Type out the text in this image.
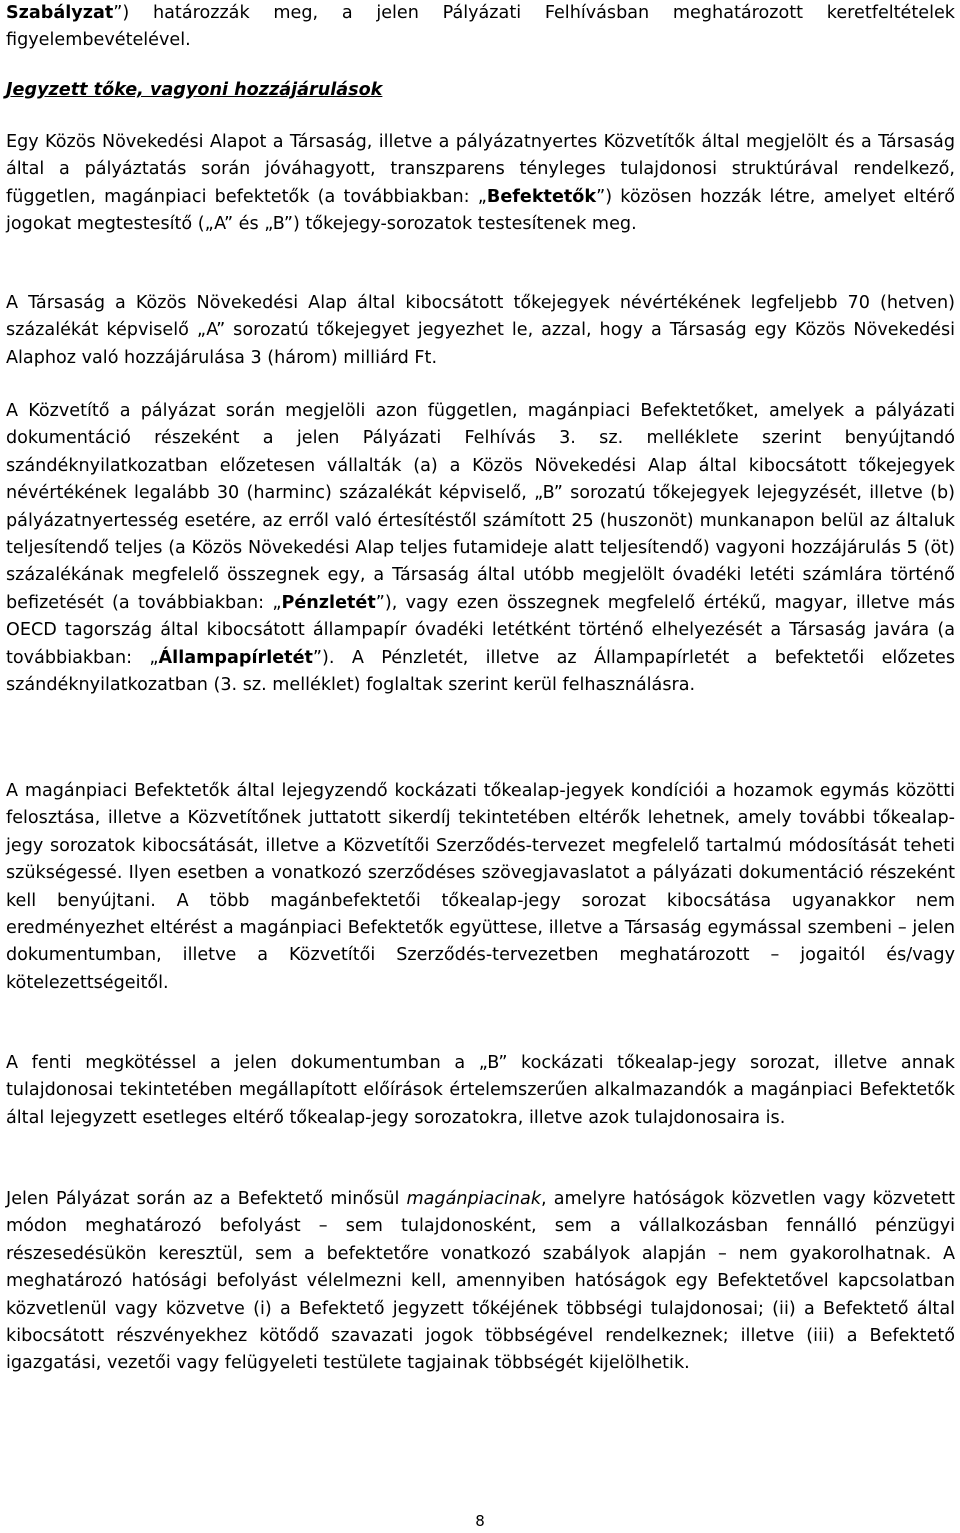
Szabályzat”) határozzák meg, a jelen Pályázati Felhívásban meghatározott keretfeltételek figyelembevételével.

Jegyzett tőke, vagyoni hozzájárulások

Egy Közös Növekedési Alapot a Társaság, illetve a pályázatnyertes Közvetítők által megjelölt és a Társaság által a pályáztatás során jóváhagyott, transzparens tényleges tulajdonosi struktúrával rendelkező, független, magánpiaci befektetők (a továbbiakban: „Befektetők”) közösen hozzák létre, amelyet eltérő jogokat megtestesítő („A” és „B”) tőkejegy-sorozatok testesítenek meg.

A Társaság a Közös Növekedési Alap által kibocsátott tőkejegyek névértékének legfeljebb 70 (hetven) százalékát képviselő „A” sorozatú tőkejegyet jegyezhet le, azzal, hogy a Társaság egy Közös Növekedési Alaphoz való hozzájárulása 3 (három) milliárd Ft.

A Közvetítő a pályázat során megjelöli azon független, magánpiaci Befektetőket, amelyek a pályázati dokumentáció részeként a jelen Pályázati Felhívás 3. sz. melléklete szerint benyújtandó szándéknyilatkozatban előzetesen vállalták (a) a Közös Növekedési Alap által kibocsátott tőkejegyek névértékének legalább 30 (harminc) százalékát képviselő, „B” sorozatú tőkejegyek lejegyzését, illetve (b) pályázatnyertesség esetére, az erről való értesítéstől számított 25 (huszonöt) munkanapon belül az általuk teljesítendő teljes (a Közös Növekedési Alap teljes futamideje alatt teljesítendő) vagyoni hozzájárulás 5 (öt) százalékának megfelelő összegnek egy, a Társaság által utóbb megjelölt óvadéki letéti számlára történő befizetését (a továbbiakban: „Pénzletét”), vagy ezen összegnek megfelelő értékű, magyar, illetve más OECD tagország által kibocsátott állampapír óvadéki letétként történő elhelyezését a Társaság javára (a továbbiakban: „Állampapírletét”). A Pénzletét, illetve az Állampapírletét a befektetői előzetes szándéknyilatkozatban (3. sz. melléklet) foglaltak szerint kerül felhasználásra.

A magánpiaci Befektetők által lejegyzendő kockázati tőkealap-jegyek kondíciói a hozamok egymás közötti felosztása, illetve a Közvetítőnek juttatott sikerdíj tekintetében eltérők lehetnek, amely további tőkealap-jegy sorozatok kibocsátását, illetve a Közvetítői Szerződés-tervezet megfelelő tartalmú módosítását teheti szükségessé. Ilyen esetben a vonatkozó szerződéses szövegjavaslatot a pályázati dokumentáció részeként kell benyújtani. A több magánbefektetői tőkealap-jegy sorozat kibocsátása ugyanakkor nem eredményezhet eltérést a magánpiaci Befektetők együttese, illetve a Társaság egymással szembeni – jelen dokumentumban, illetve a Közvetítői Szerződés-tervezetben meghatározott – jogaitól és/vagy kötelezettségeitől.

A fenti megkötéssel a jelen dokumentumban a „B” kockázati tőkealap-jegy sorozat, illetve annak tulajdonosai tekintetében megállapított előírások értelemszerűen alkalmazandók a magánpiaci Befektetők által lejegyzett esetleges eltérő tőkealap-jegy sorozatokra, illetve azok tulajdonosaira is.

Jelen Pályázat során az a Befektető minősül magánpiacinak, amelyre hatóságok közvetlen vagy közvetett módon meghatározó befolyást – sem tulajdonosként, sem a vállalkozásban fennálló pénzügyi részesedésükön keresztül, sem a befektetőre vonatkozó szabályok alapján – nem gyakorolhatnak. A meghatározó hatósági befolyást vélelmezni kell, amennyiben hatóságok egy Befektetővel kapcsolatban közvetlenül vagy közvetve (i) a Befektető jegyzett tőkéjének többségi tulajdonosai; (ii) a Befektető által kibocsátott részvényekhez kötődő szavazati jogok többségével rendelkeznek; illetve (iii) a Befektető igazgatási, vezetői vagy felügyeleti testülete tagjainak többségét kijelölhetik.

8
